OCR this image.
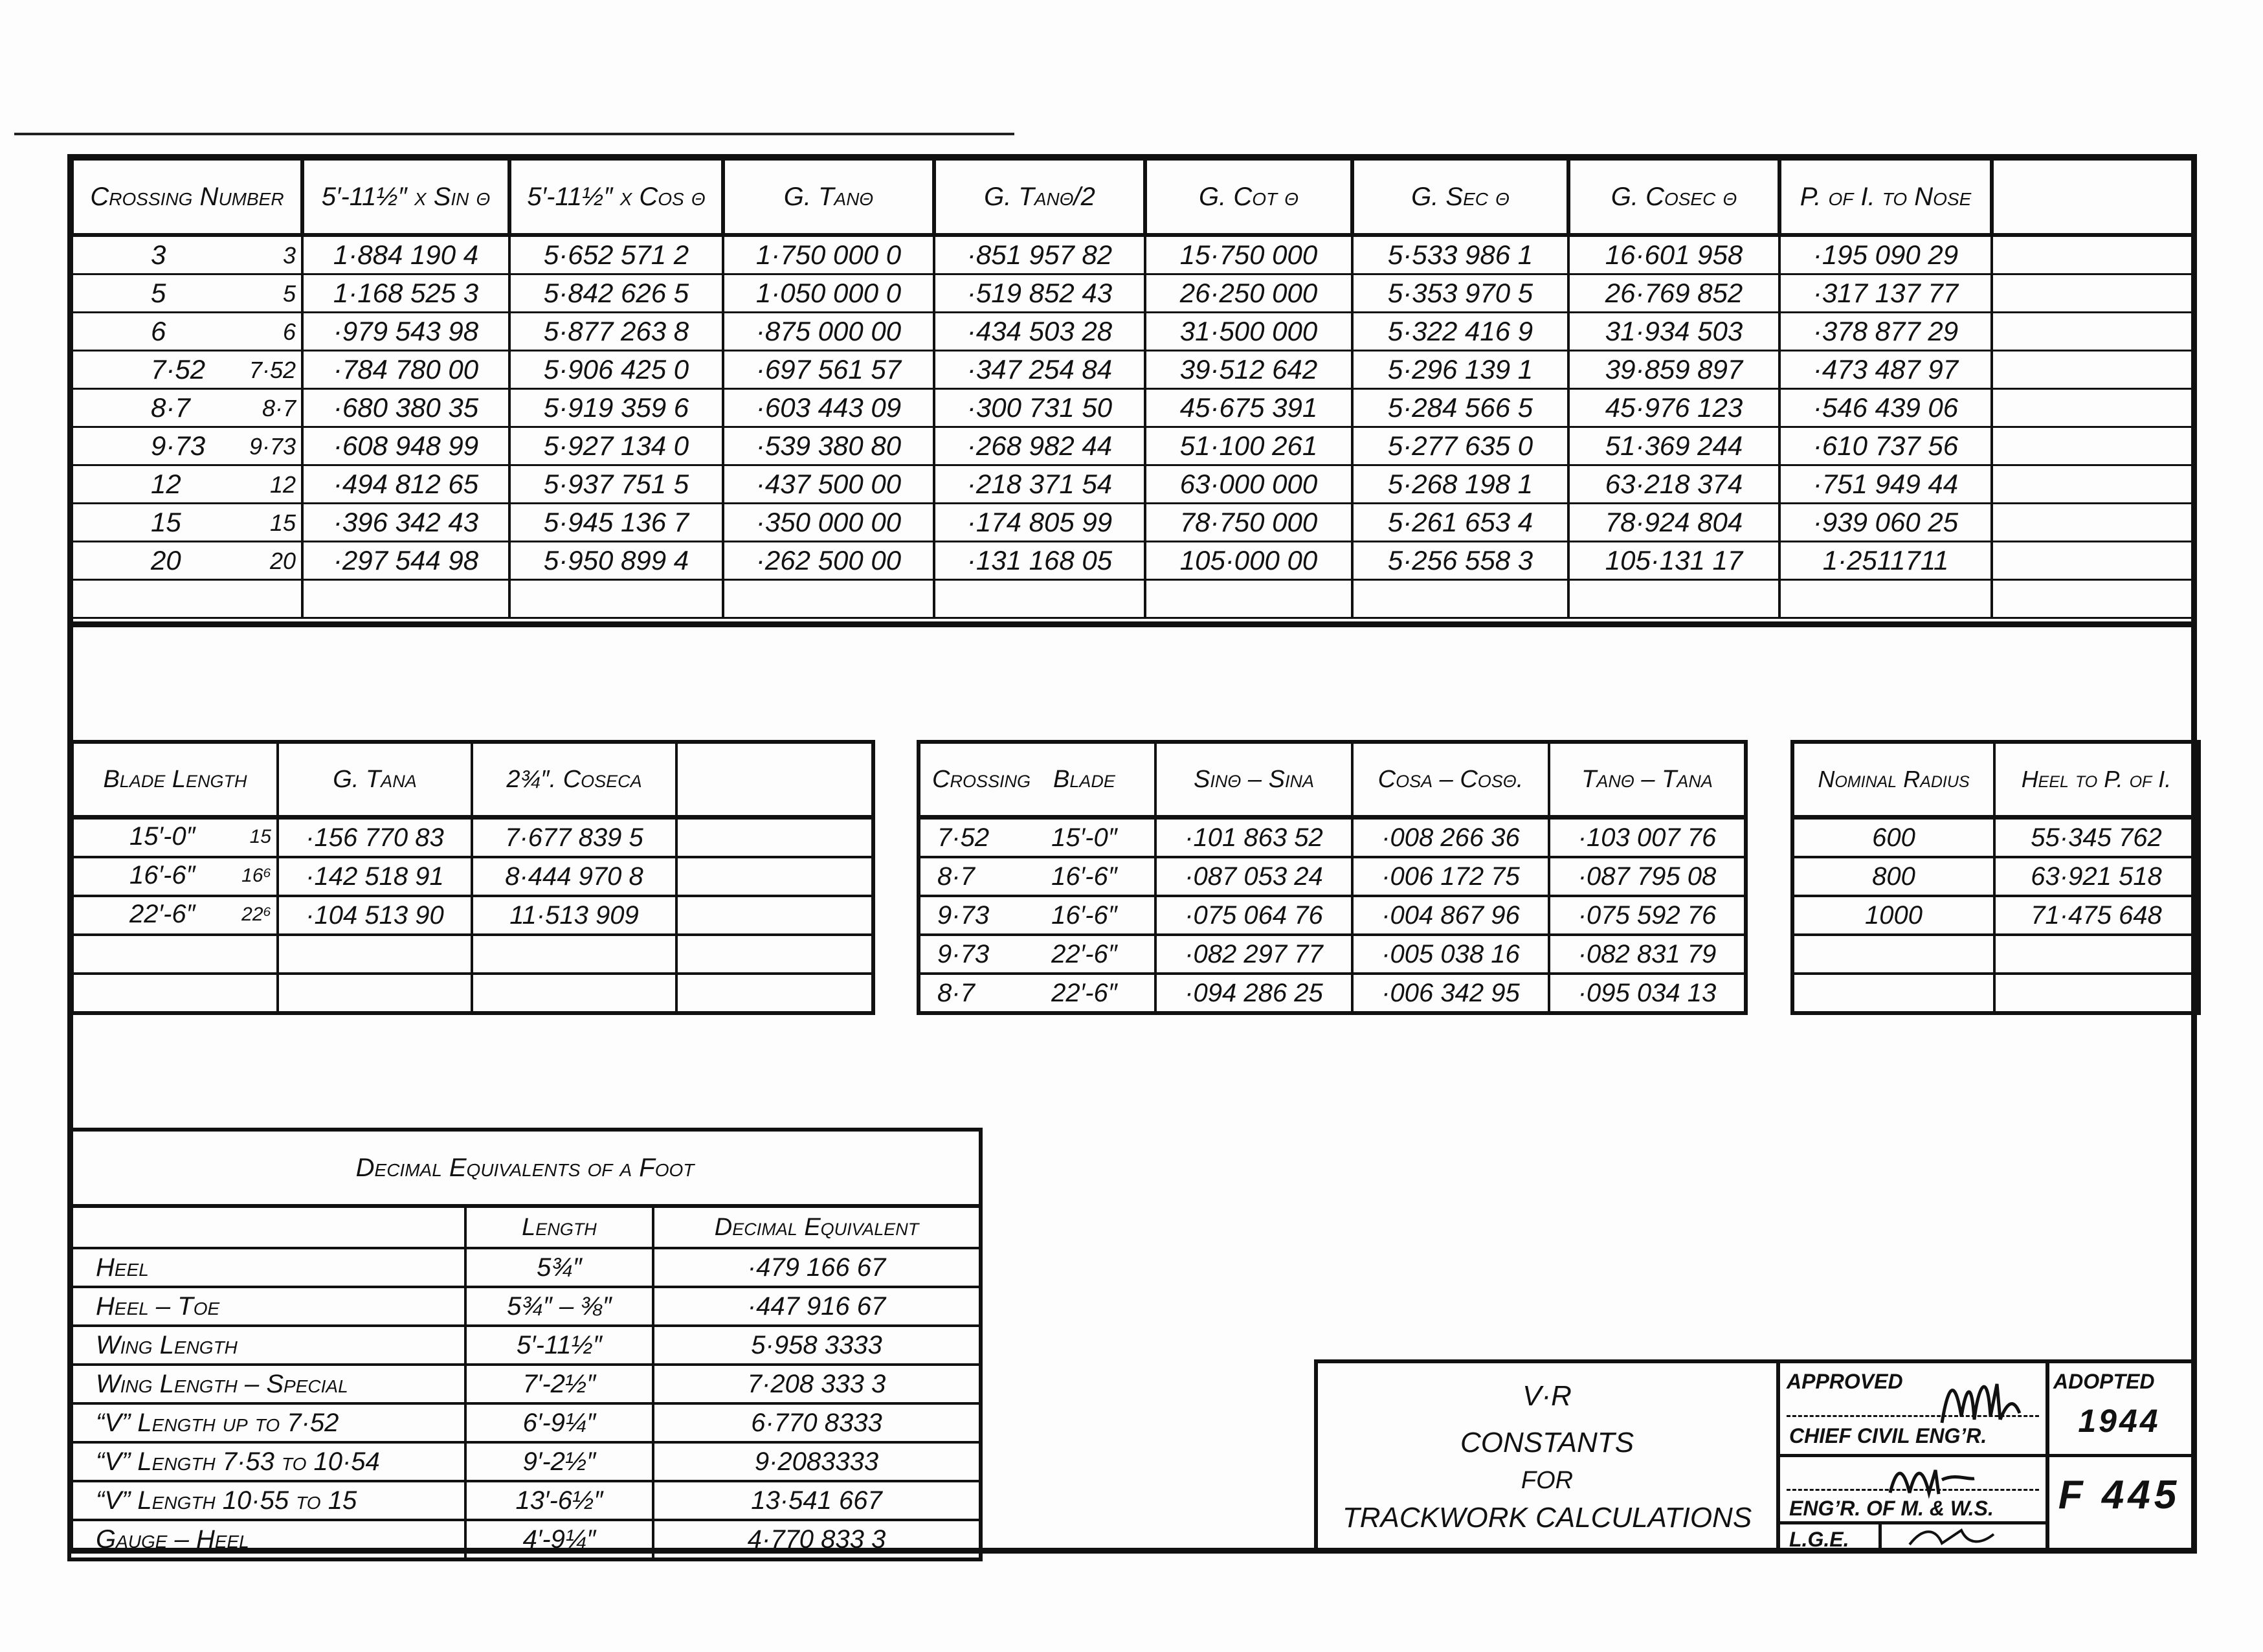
Crossing Number	5′-11½″ x Sin θ	5′-11½″ x Cos θ	G. Tanθ	G. Tanθ/2	G. Cot θ	G. Sec θ	G. Cosec θ	P. of I. to Nose	

3 3	1·884 190 4	5·652 571 2	1·750 000 0	·851 957 82	15·750 000	5·533 986 1	16·601 958	·195 090 29	

5 5	1·168 525 3	5·842 626 5	1·050 000 0	·519 852 43	26·250 000	5·353 970 5	26·769 852	·317 137 77	

6 6	·979 543 98	5·877 263 8	·875 000 00	·434 503 28	31·500 000	5·322 416 9	31·934 503	·378 877 29	

7·52 7·52	·784 780 00	5·906 425 0	·697 561 57	·347 254 84	39·512 642	5·296 139 1	39·859 897	·473 487 97	

8·7 8·7	·680 380 35	5·919 359 6	·603 443 09	·300 731 50	45·675 391	5·284 566 5	45·976 123	·546 439 06	

9·73 9·73	·608 948 99	5·927 134 0	·539 380 80	·268 982 44	51·100 261	5·277 635 0	51·369 244	·610 737 56	

12 12	·494 812 65	5·937 751 5	·437 500 00	·218 371 54	63·000 000	5·268 198 1	63·218 374	·751 949 44	

15 15	·396 342 43	5·945 136 7	·350 000 00	·174 805 99	78·750 000	5·261 653 4	78·924 804	·939 060 25	

20 20	·297 544 98	5·950 899 4	·262 500 00	·131 168 05	105·000 00	5·256 558 3	105·131 17	1·2511711	

Blade Length	G. Tanα	2¾″. Cosecα	

15′-0″ 15	·156 770 83	7·677 839 5	

16′-6″ 16⁶	·142 518 91	8·444 970 8	

22′-6″ 22⁶	·104 513 90	11·513 909	

Crossing	Blade	Sinθ – Sinα	Cosα – Cosθ.	Tanθ – Tanα
7·52	15′-0″	·101 863 52	·008 266 36	·103 007 76
8·7	16′-6″	·087 053 24	·006 172 75	·087 795 08
9·73	16′-6″	·075 064 76	·004 867 96	·075 592 76
9·73	22′-6″	·082 297 77	·005 038 16	·082 831 79
8·7	22′-6″	·094 286 25	·006 342 95	·095 034 13
Nominal Radius	Heel to P. of I.
600	55·345 762
800	63·921 518
1000	71·475 648

Decimal Equivalents of a Foot		
	Length	Decimal Equivalent
Heel	5¾″	·479 166 67
Heel – Toe	5¾″ – ⅜″	·447 916 67
Wing Length	5′-11½″	5·958 3333
Wing Length – Special	7′-2½″	7·208 333 3
“V” Length up to 7·52	6′-9¼″	6·770 8333
“V” Length 7·53 to 10·54	9′-2½″	9·2083333
“V” Length 10·55 to 15	13′-6½″	13·541 667
Gauge – Heel	4′-9¼″	4·770 833 3
V·R
CONSTANTS
FOR
TRACKWORK CALCULATIONS
APPROVED
CHIEF CIVIL ENG’R.
ENG’R. OF M. & W.S.
L.G.E.
ADOPTED
1944
F 445
